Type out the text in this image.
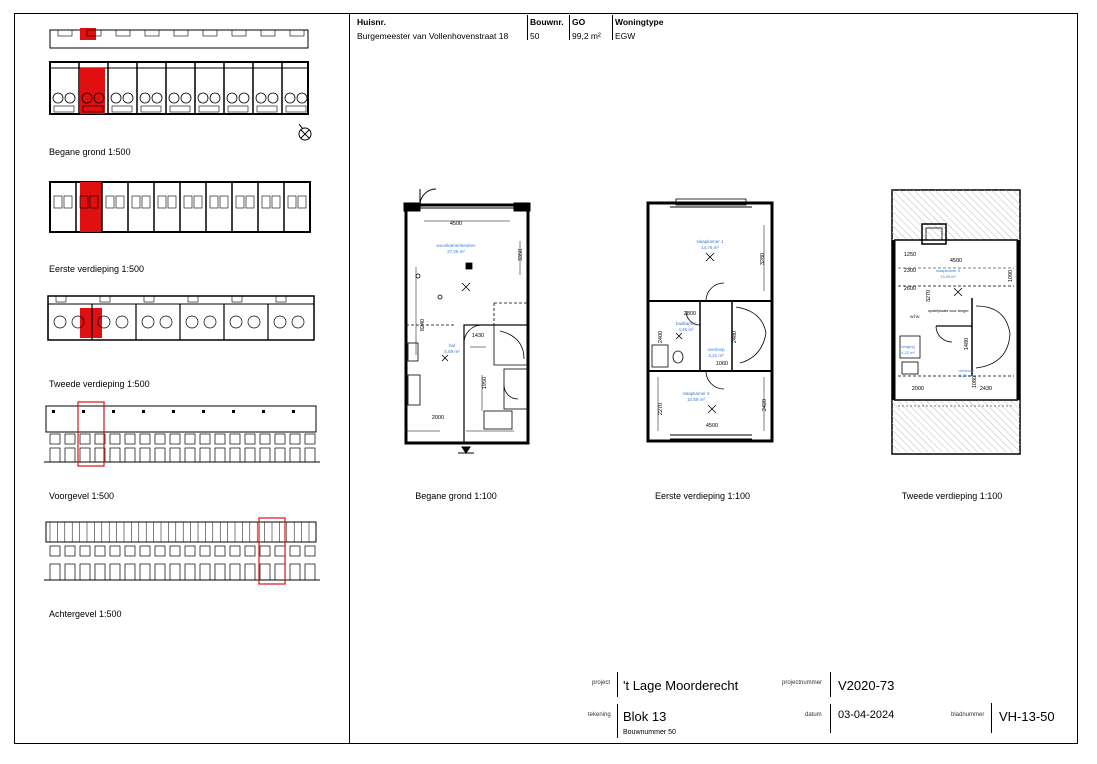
Huisnr.
Burgemeester van Vollenhovenstraat 18
Bouwnr.
50
GO
99,2 m²
Woningtype
EGW
Begane grond 1:500
Eerste verdieping 1:500
Tweede verdieping 1:500
Voorgevel 1:500
Achtergevel 1:500
4500
3350
8240
1430
1950
2000
woonkamer/keuken
27,26 m²
hal
5,59 m²
Begane grond 1:100
3280
2800
2400	2480
1060
2270	2420
4500
slaapkamer 1
14,76 m²
badkamer
4,46 m²
overloop
3,21 m²
slaapkamer 2
10,59 m²
Eerste verdieping 1:100
4500
1250
2300
2600
3270
1480
1080
2000	2430
1090
slaapkamer 3
13,49 m²
berging
4,22 m²
overloop
5,29 m²
opstelplaats voor droger
WTW
Tweede verdieping 1:100
project 't Lage Moorderecht	projectnummer V2020-73
tekening Blok 13
Bouwnummer 50
datum 03-04-2024	bladnummer VH-13-50
